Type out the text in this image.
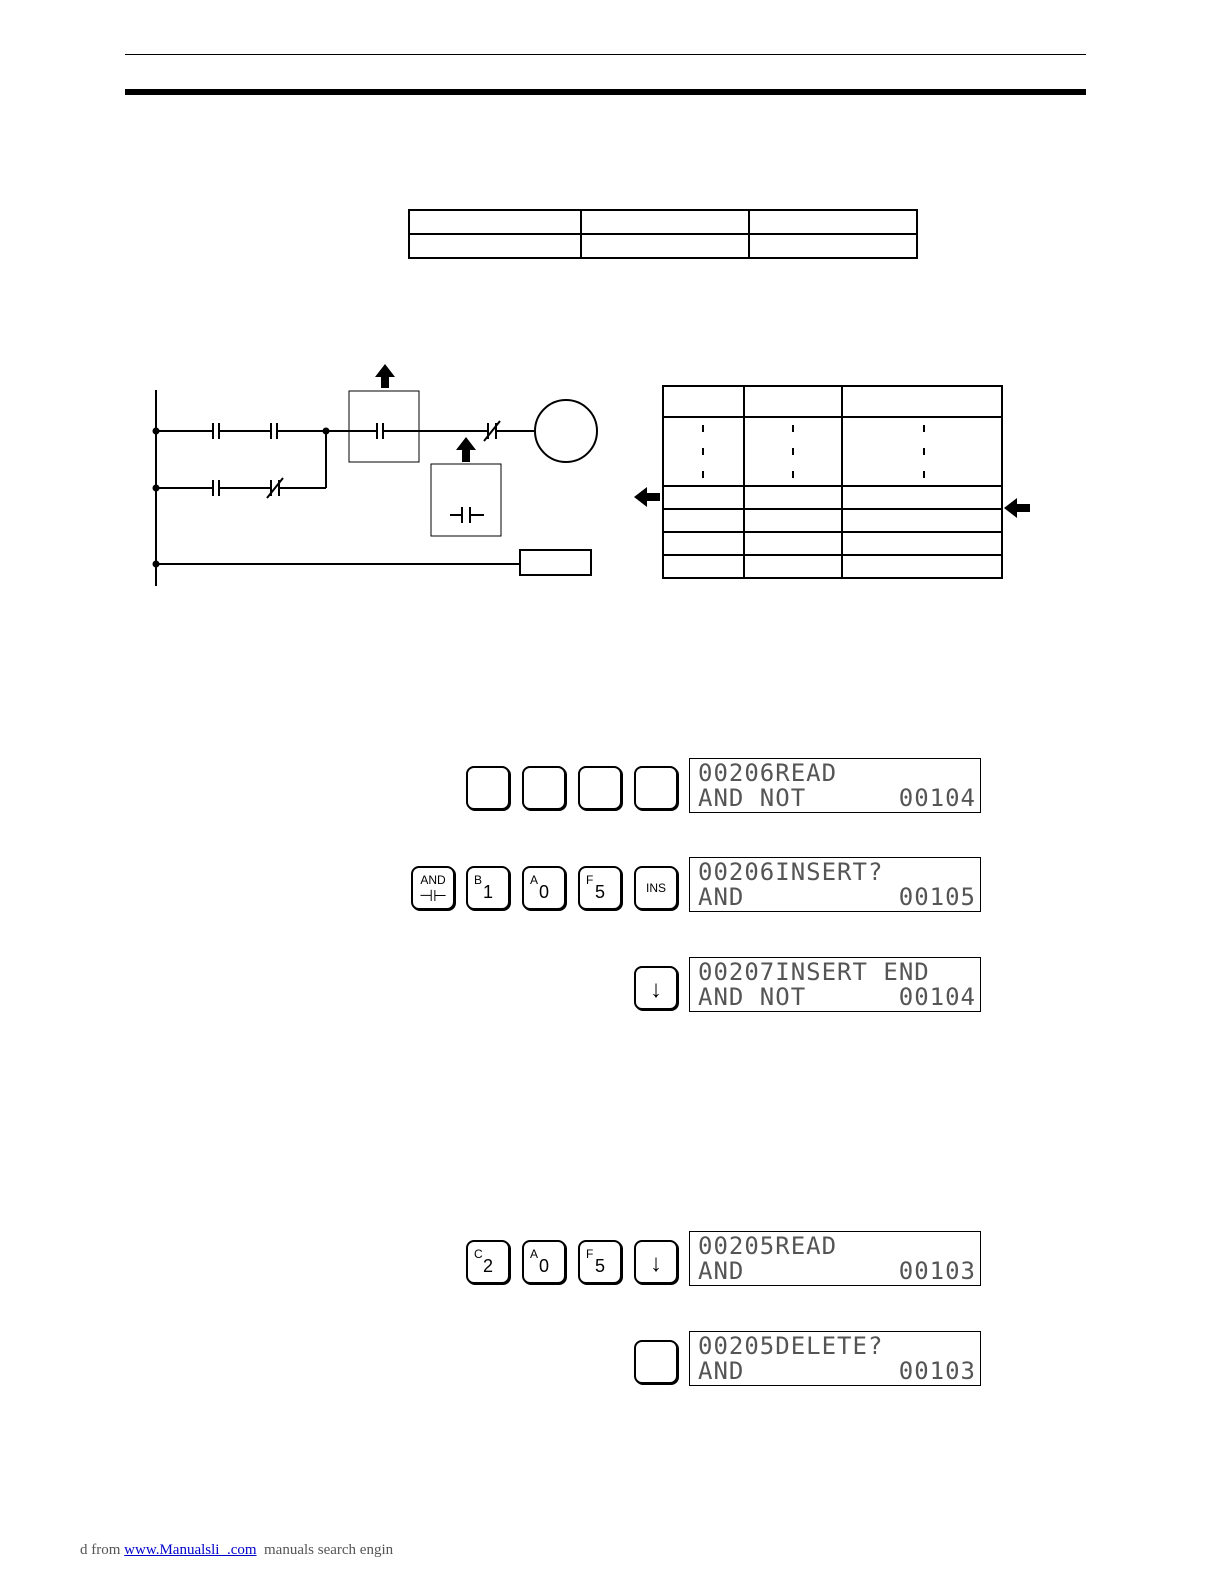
00206READ
AND NOT	00104
AND
⊣⊢
B
1
A
0
F
5	INS
00206INSERT?
AND	00105
↓
00207INSERT END
AND NOT	00104
C
2
A
0
F
5	↓
00205READ
AND	00103
00205DELETE?
AND	00103
d from www.Manualsli  .com  manuals search engin
